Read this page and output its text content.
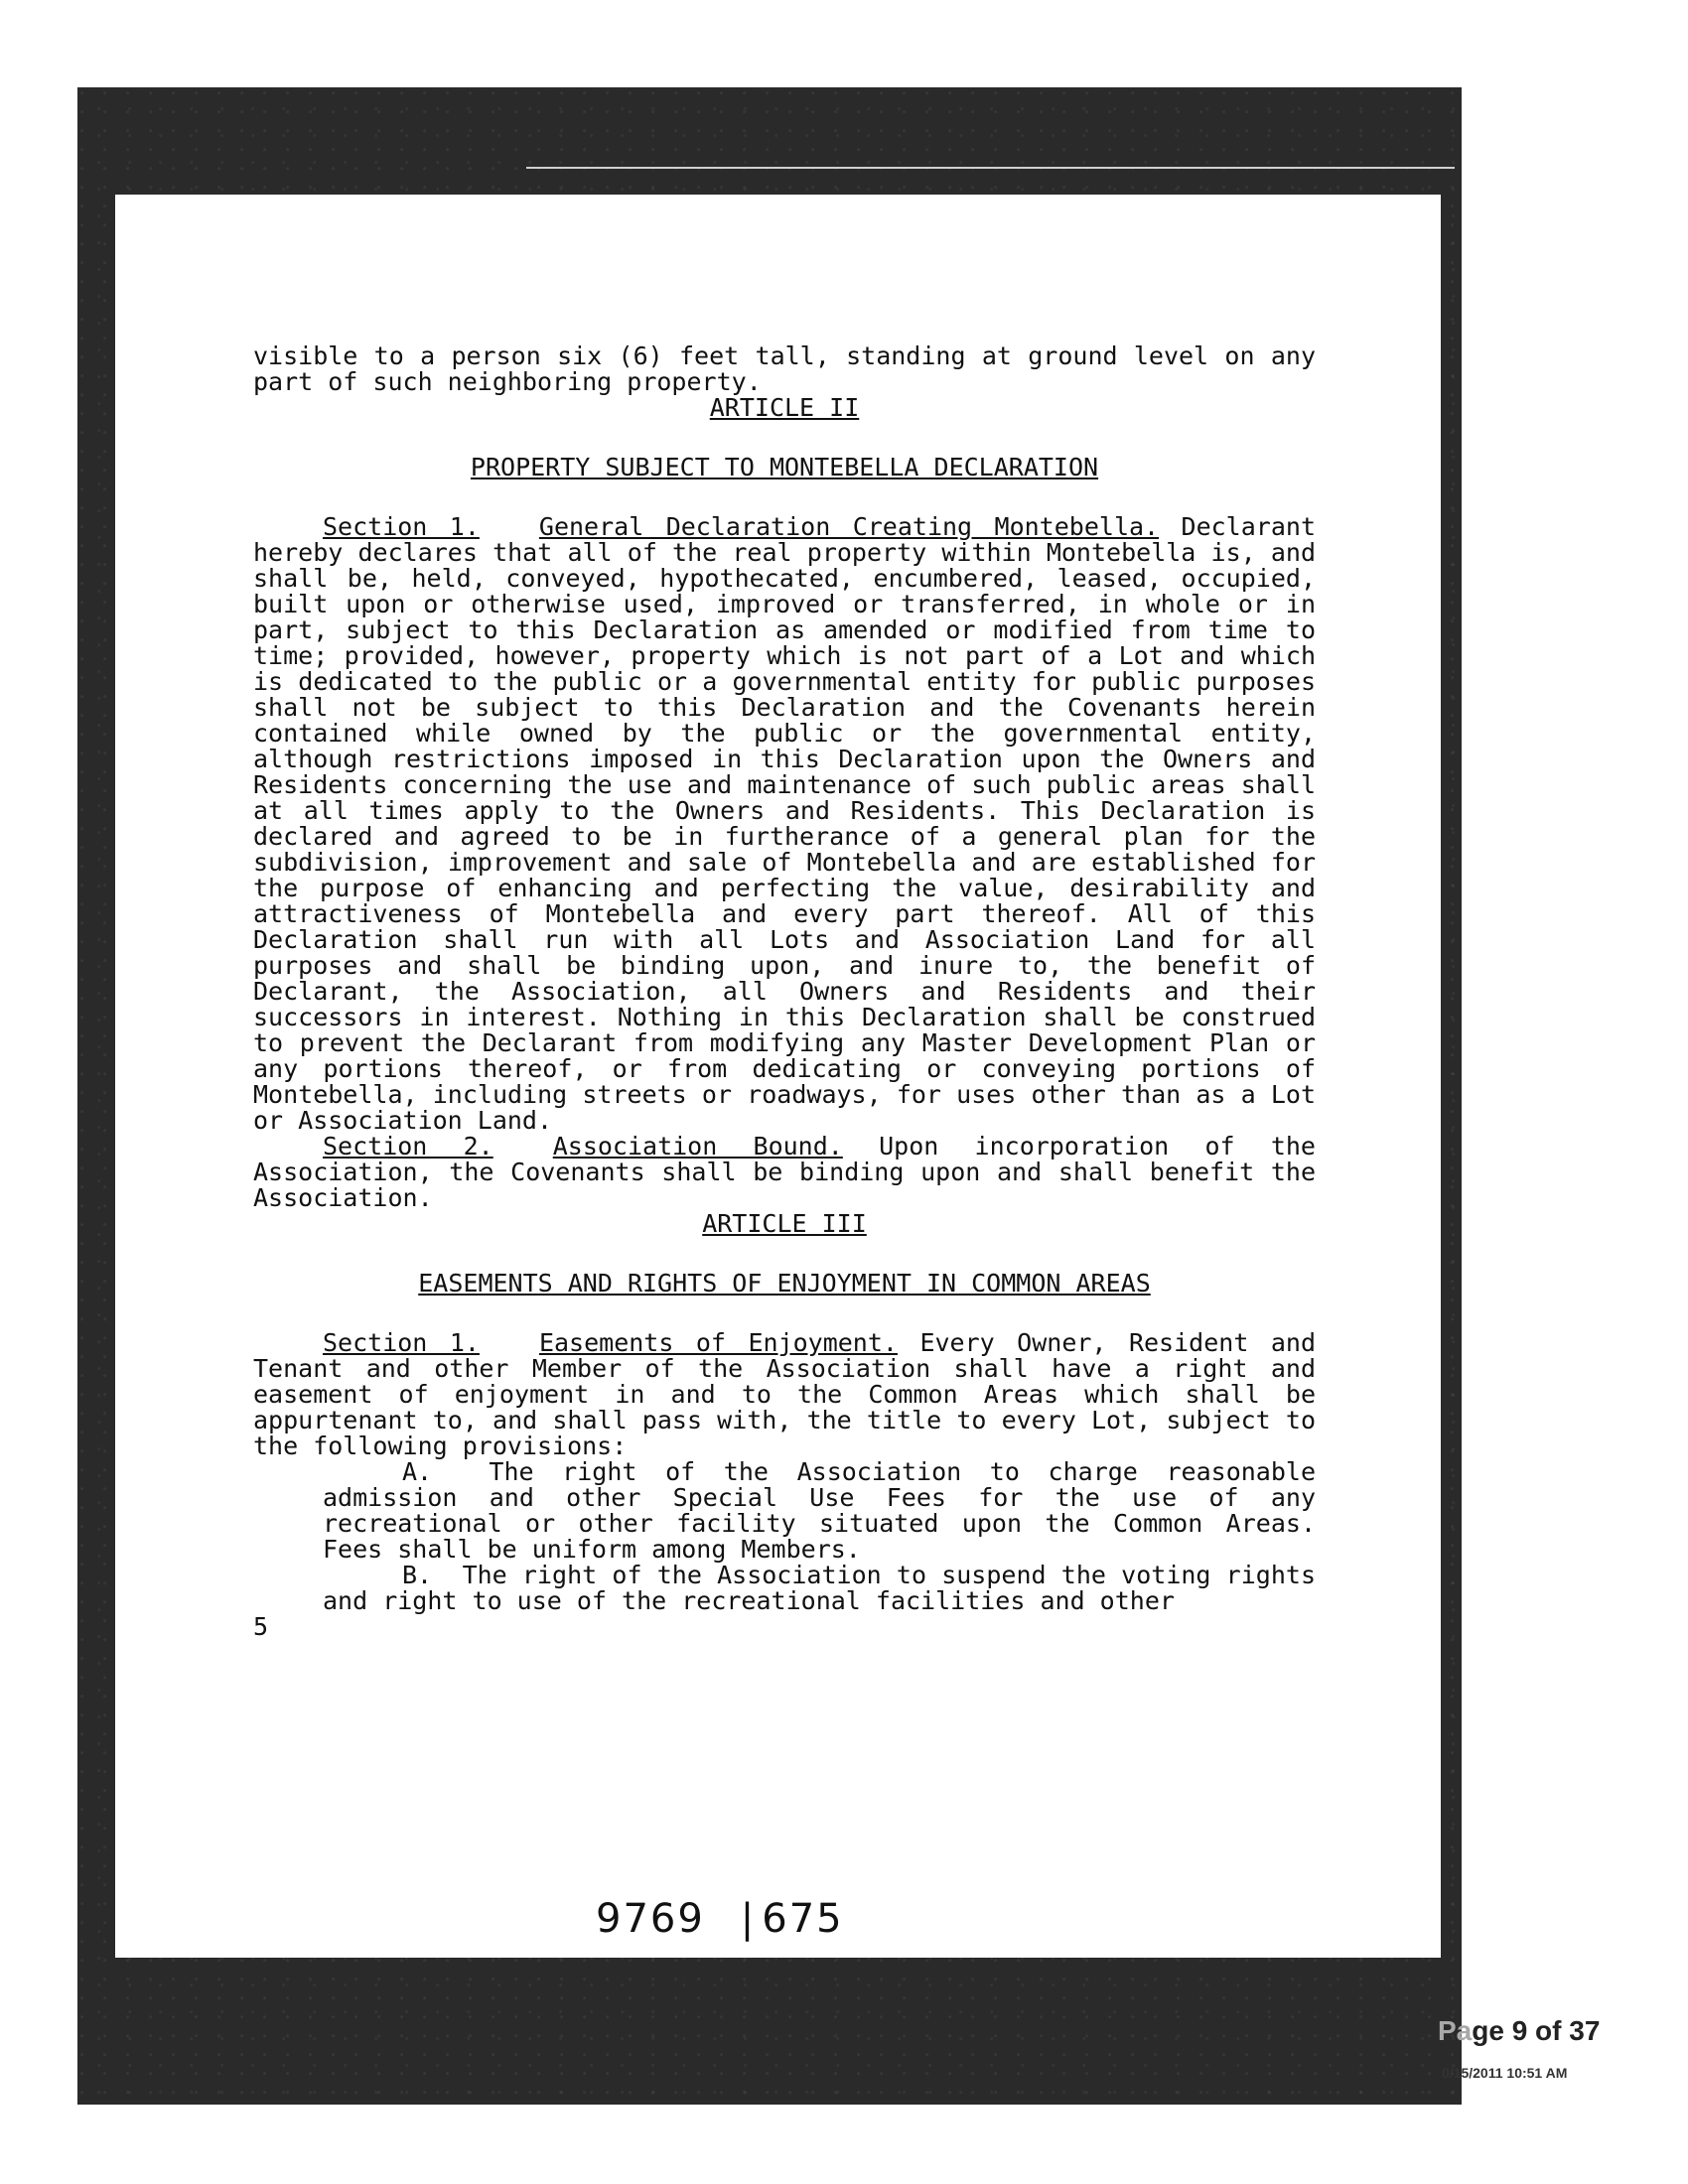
visible to a person six (6) feet tall, standing at ground level on any part of such neighboring property.

ARTICLE II

PROPERTY SUBJECT TO MONTEBELLA DECLARATION

Section 1. General Declaration Creating Montebella. Declarant hereby declares that all of the real property within Montebella is, and shall be, held, conveyed, hypothecated, encumbered, leased, occupied, built upon or otherwise used, improved or transferred, in whole or in part, subject to this Declaration as amended or modified from time to time; provided, however, property which is not part of a Lot and which is dedicated to the public or a governmental entity for public purposes shall not be subject to this Declaration and the Covenants herein contained while owned by the public or the governmental entity, although restrictions imposed in this Declaration upon the Owners and Residents concerning the use and maintenance of such public areas shall at all times apply to the Owners and Residents. This Declaration is declared and agreed to be in furtherance of a general plan for the subdivision, improvement and sale of Montebella and are established for the purpose of enhancing and perfecting the value, desirability and attractiveness of Montebella and every part thereof. All of this Declaration shall run with all Lots and Association Land for all purposes and shall be binding upon, and inure to, the benefit of Declarant, the Association, all Owners and Residents and their successors in interest. Nothing in this Declaration shall be construed to prevent the Declarant from modifying any Master Development Plan or any portions thereof, or from dedicating or conveying portions of Montebella, including streets or roadways, for uses other than as a Lot or Association Land.

Section 2. Association Bound. Upon incorporation of the Association, the Covenants shall be binding upon and shall benefit the Association.

ARTICLE III

EASEMENTS AND RIGHTS OF ENJOYMENT IN COMMON AREAS

Section 1. Easements of Enjoyment. Every Owner, Resident and Tenant and other Member of the Association shall have a right and easement of enjoyment in and to the Common Areas which shall be appurtenant to, and shall pass with, the title to every Lot, subject to the following provisions:

A. The right of the Association to charge reasonable admission and other Special Use Fees for the use of any recreational or other facility situated upon the Common Areas. Fees shall be uniform among Members.

B. The right of the Association to suspend the voting rights and right to use of the recreational facilities and other

5

9769 | 675
Page 9 of 37
0/15/2011 10:51 AM
